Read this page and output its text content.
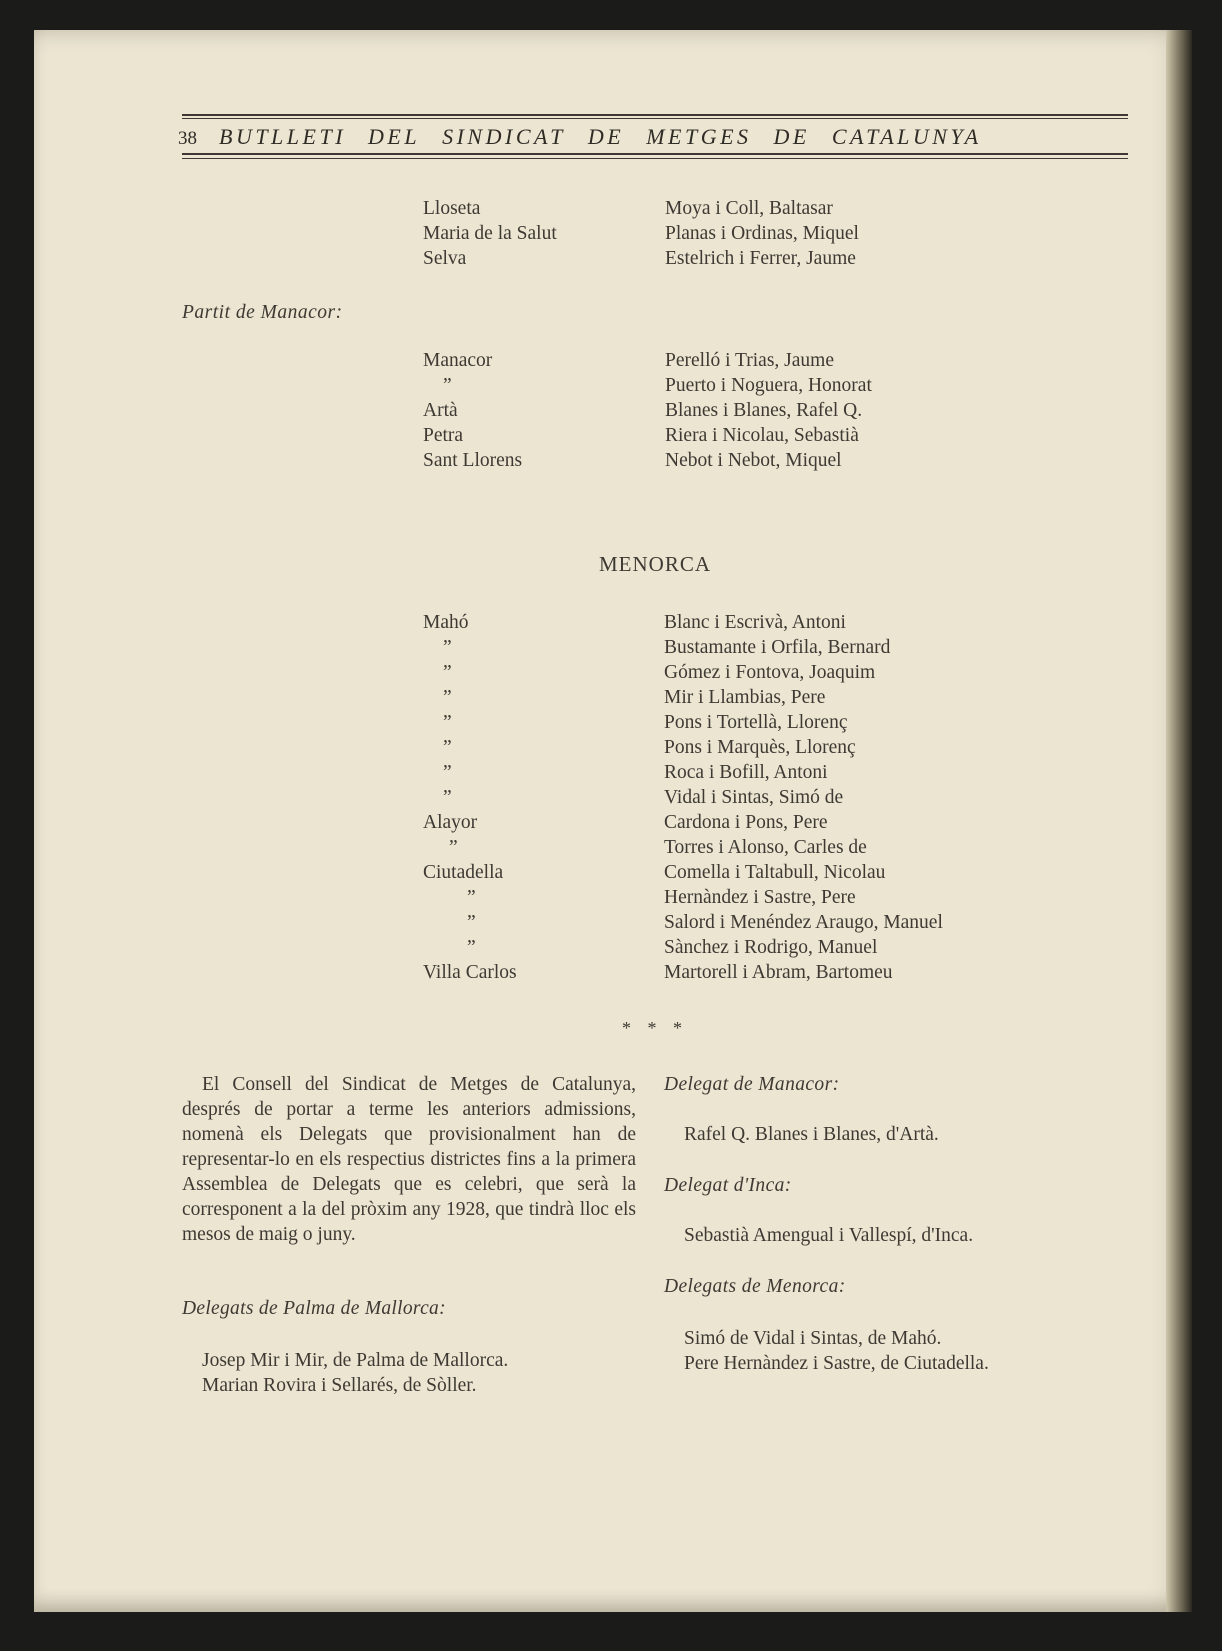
38 BUTLLETI DEL SINDICAT DE METGES DE CATALUNYA
Lloseta
Maria de la Salut
Selva
Moya i Coll, Baltasar
Planas i Ordinas, Miquel
Estelrich i Ferrer, Jaume
Partit de Manacor:
Manacor
”
Artà
Petra
Sant Llorens
Perelló i Trias, Jaume
Puerto i Noguera, Honorat
Blanes i Blanes, Rafel Q.
Riera i Nicolau, Sebastià
Nebot i Nebot, Miquel
MENORCA
Mahó
”
”
”
”
”
”
”
Alayor
”
Ciutadella
”
”
”
Villa Carlos
Blanc i Escrivà, Antoni
Bustamante i Orfila, Bernard
Gómez i Fontova, Joaquim
Mir i Llambias, Pere
Pons i Tortellà, Llorenç
Pons i Marquès, Llorenç
Roca i Bofill, Antoni
Vidal i Sintas, Simó de
Cardona i Pons, Pere
Torres i Alonso, Carles de
Comella i Taltabull, Nicolau
Hernàndez i Sastre, Pere
Salord i Menéndez Araugo, Manuel
Sànchez i Rodrigo, Manuel
Martorell i Abram, Bartomeu
* * *
El Consell del Sindicat de Metges de Catalunya, després de portar a terme les anteriors admissions, nomenà els Delegats que provisionalment han de representar-lo en els respectius districtes fins a la primera Assemblea de Delegats que es celebri, que serà la corresponent a la del pròxim any 1928, que tindrà lloc els mesos de maig o juny.
Delegats de Palma de Mallorca:
Josep Mir i Mir, de Palma de Mallorca.
Marian Rovira i Sellarés, de Sòller.
Delegat de Manacor:
Rafel Q. Blanes i Blanes, d'Artà.
Delegat d'Inca:
Sebastià Amengual i Vallespí, d'Inca.
Delegats de Menorca:
Simó de Vidal i Sintas, de Mahó.
Pere Hernàndez i Sastre, de Ciutadella.
